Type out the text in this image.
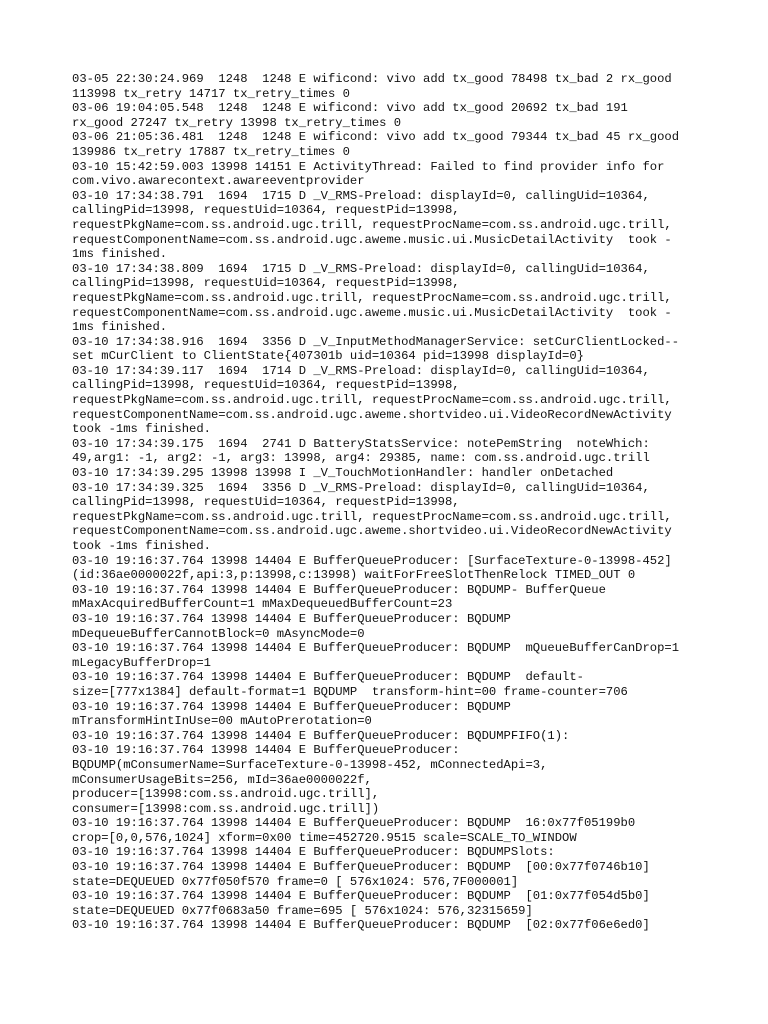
03-05 22:30:24.969  1248  1248 E wificond: vivo add tx_good 78498 tx_bad 2 rx_good
113998 tx_retry 14717 tx_retry_times 0
03-06 19:04:05.548  1248  1248 E wificond: vivo add tx_good 20692 tx_bad 191
rx_good 27247 tx_retry 13998 tx_retry_times 0
03-06 21:05:36.481  1248  1248 E wificond: vivo add tx_good 79344 tx_bad 45 rx_good
139986 tx_retry 17887 tx_retry_times 0
03-10 15:42:59.003 13998 14151 E ActivityThread: Failed to find provider info for
com.vivo.awarecontext.awareeventprovider
03-10 17:34:38.791  1694  1715 D _V_RMS-Preload: displayId=0, callingUid=10364,
callingPid=13998, requestUid=10364, requestPid=13998,
requestPkgName=com.ss.android.ugc.trill, requestProcName=com.ss.android.ugc.trill,
requestComponentName=com.ss.android.ugc.aweme.music.ui.MusicDetailActivity  took -
1ms finished.
03-10 17:34:38.809  1694  1715 D _V_RMS-Preload: displayId=0, callingUid=10364,
callingPid=13998, requestUid=10364, requestPid=13998,
requestPkgName=com.ss.android.ugc.trill, requestProcName=com.ss.android.ugc.trill,
requestComponentName=com.ss.android.ugc.aweme.music.ui.MusicDetailActivity  took -
1ms finished.
03-10 17:34:38.916  1694  3356 D _V_InputMethodManagerService: setCurClientLocked--
set mCurClient to ClientState{407301b uid=10364 pid=13998 displayId=0}
03-10 17:34:39.117  1694  1714 D _V_RMS-Preload: displayId=0, callingUid=10364,
callingPid=13998, requestUid=10364, requestPid=13998,
requestPkgName=com.ss.android.ugc.trill, requestProcName=com.ss.android.ugc.trill,
requestComponentName=com.ss.android.ugc.aweme.shortvideo.ui.VideoRecordNewActivity
took -1ms finished.
03-10 17:34:39.175  1694  2741 D BatteryStatsService: notePemString  noteWhich:
49,arg1: -1, arg2: -1, arg3: 13998, arg4: 29385, name: com.ss.android.ugc.trill
03-10 17:34:39.295 13998 13998 I _V_TouchMotionHandler: handler onDetached
03-10 17:34:39.325  1694  3356 D _V_RMS-Preload: displayId=0, callingUid=10364,
callingPid=13998, requestUid=10364, requestPid=13998,
requestPkgName=com.ss.android.ugc.trill, requestProcName=com.ss.android.ugc.trill,
requestComponentName=com.ss.android.ugc.aweme.shortvideo.ui.VideoRecordNewActivity
took -1ms finished.
03-10 19:16:37.764 13998 14404 E BufferQueueProducer: [SurfaceTexture-0-13998-452]
(id:36ae0000022f,api:3,p:13998,c:13998) waitForFreeSlotThenRelock TIMED_OUT 0
03-10 19:16:37.764 13998 14404 E BufferQueueProducer: BQDUMP- BufferQueue
mMaxAcquiredBufferCount=1 mMaxDequeuedBufferCount=23
03-10 19:16:37.764 13998 14404 E BufferQueueProducer: BQDUMP
mDequeueBufferCannotBlock=0 mAsyncMode=0
03-10 19:16:37.764 13998 14404 E BufferQueueProducer: BQDUMP  mQueueBufferCanDrop=1
mLegacyBufferDrop=1
03-10 19:16:37.764 13998 14404 E BufferQueueProducer: BQDUMP  default-
size=[777x1384] default-format=1 BQDUMP  transform-hint=00 frame-counter=706
03-10 19:16:37.764 13998 14404 E BufferQueueProducer: BQDUMP
mTransformHintInUse=00 mAutoPrerotation=0
03-10 19:16:37.764 13998 14404 E BufferQueueProducer: BQDUMPFIFO(1):
03-10 19:16:37.764 13998 14404 E BufferQueueProducer:
BQDUMP(mConsumerName=SurfaceTexture-0-13998-452, mConnectedApi=3,
mConsumerUsageBits=256, mId=36ae0000022f,
producer=[13998:com.ss.android.ugc.trill],
consumer=[13998:com.ss.android.ugc.trill])
03-10 19:16:37.764 13998 14404 E BufferQueueProducer: BQDUMP  16:0x77f05199b0
crop=[0,0,576,1024] xform=0x00 time=452720.9515 scale=SCALE_TO_WINDOW
03-10 19:16:37.764 13998 14404 E BufferQueueProducer: BQDUMPSlots:
03-10 19:16:37.764 13998 14404 E BufferQueueProducer: BQDUMP  [00:0x77f0746b10]
state=DEQUEUED 0x77f050f570 frame=0 [ 576x1024: 576,7F000001]
03-10 19:16:37.764 13998 14404 E BufferQueueProducer: BQDUMP  [01:0x77f054d5b0]
state=DEQUEUED 0x77f0683a50 frame=695 [ 576x1024: 576,32315659]
03-10 19:16:37.764 13998 14404 E BufferQueueProducer: BQDUMP  [02:0x77f06e6ed0]
